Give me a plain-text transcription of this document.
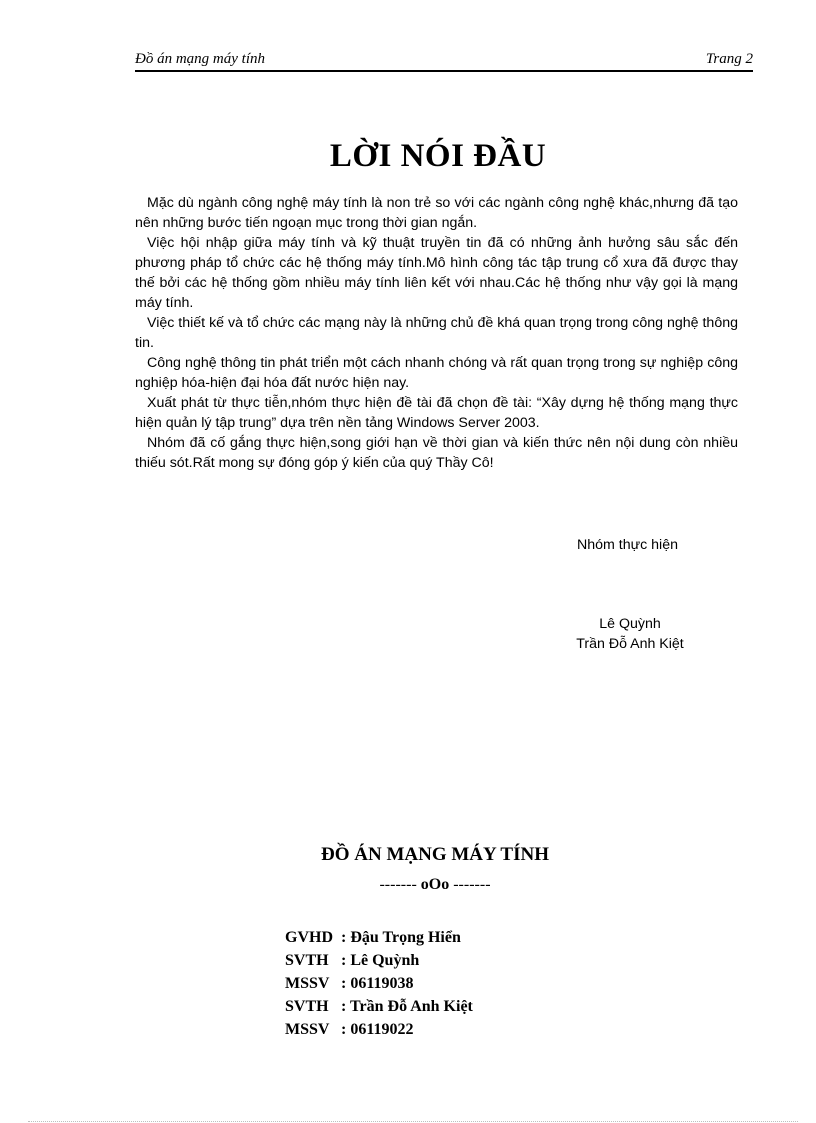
Đồ án mạng máy tính	Trang 2
LỜI NÓI ĐẦU

Mặc dù ngành công nghệ máy tính là non trẻ so với các ngành công nghệ khác,nhưng đã tạo nên những bước tiến ngoạn mục trong thời gian ngắn.

Việc hội nhập giữa máy tính và kỹ thuật truyền tin đã có những ảnh hưởng sâu sắc đến phương pháp tổ chức các hệ thống máy tính.Mô hình công tác tập trung cổ xưa đã được thay thế bởi các hệ thống gồm nhiều máy tính liên kết với nhau.Các hệ thống như vậy gọi là mạng máy tính.

Việc thiết kế và tổ chức các mạng này là những chủ đề khá quan trọng trong công nghệ thông tin.

Công nghệ thông tin phát triển một cách nhanh chóng và rất quan trọng trong sự nghiệp công nghiệp hóa-hiện đại hóa đất nước hiện nay.

Xuất phát từ thực tiễn,nhóm thực hiện đề tài đã chọn đề tài: “Xây dựng hệ thống mạng thực hiện quản lý tập trung” dựa trên nền tảng Windows Server 2003.

Nhóm đã cố gắng thực hiện,song giới hạn về thời gian và kiến thức nên nội dung còn nhiều thiếu sót.Rất mong sự đóng góp ý kiến của quý Thầy Cô!

Nhóm thực hiện
Lê Quỳnh
Trần Đỗ Anh Kiệt
ĐỒ ÁN MẠNG MÁY TÍNH
------- oOo -------
GVHD : Đậu Trọng Hiển
SVTH : Lê Quỳnh
MSSV : 06119038
SVTH : Trần Đỗ Anh Kiệt
MSSV : 06119022
